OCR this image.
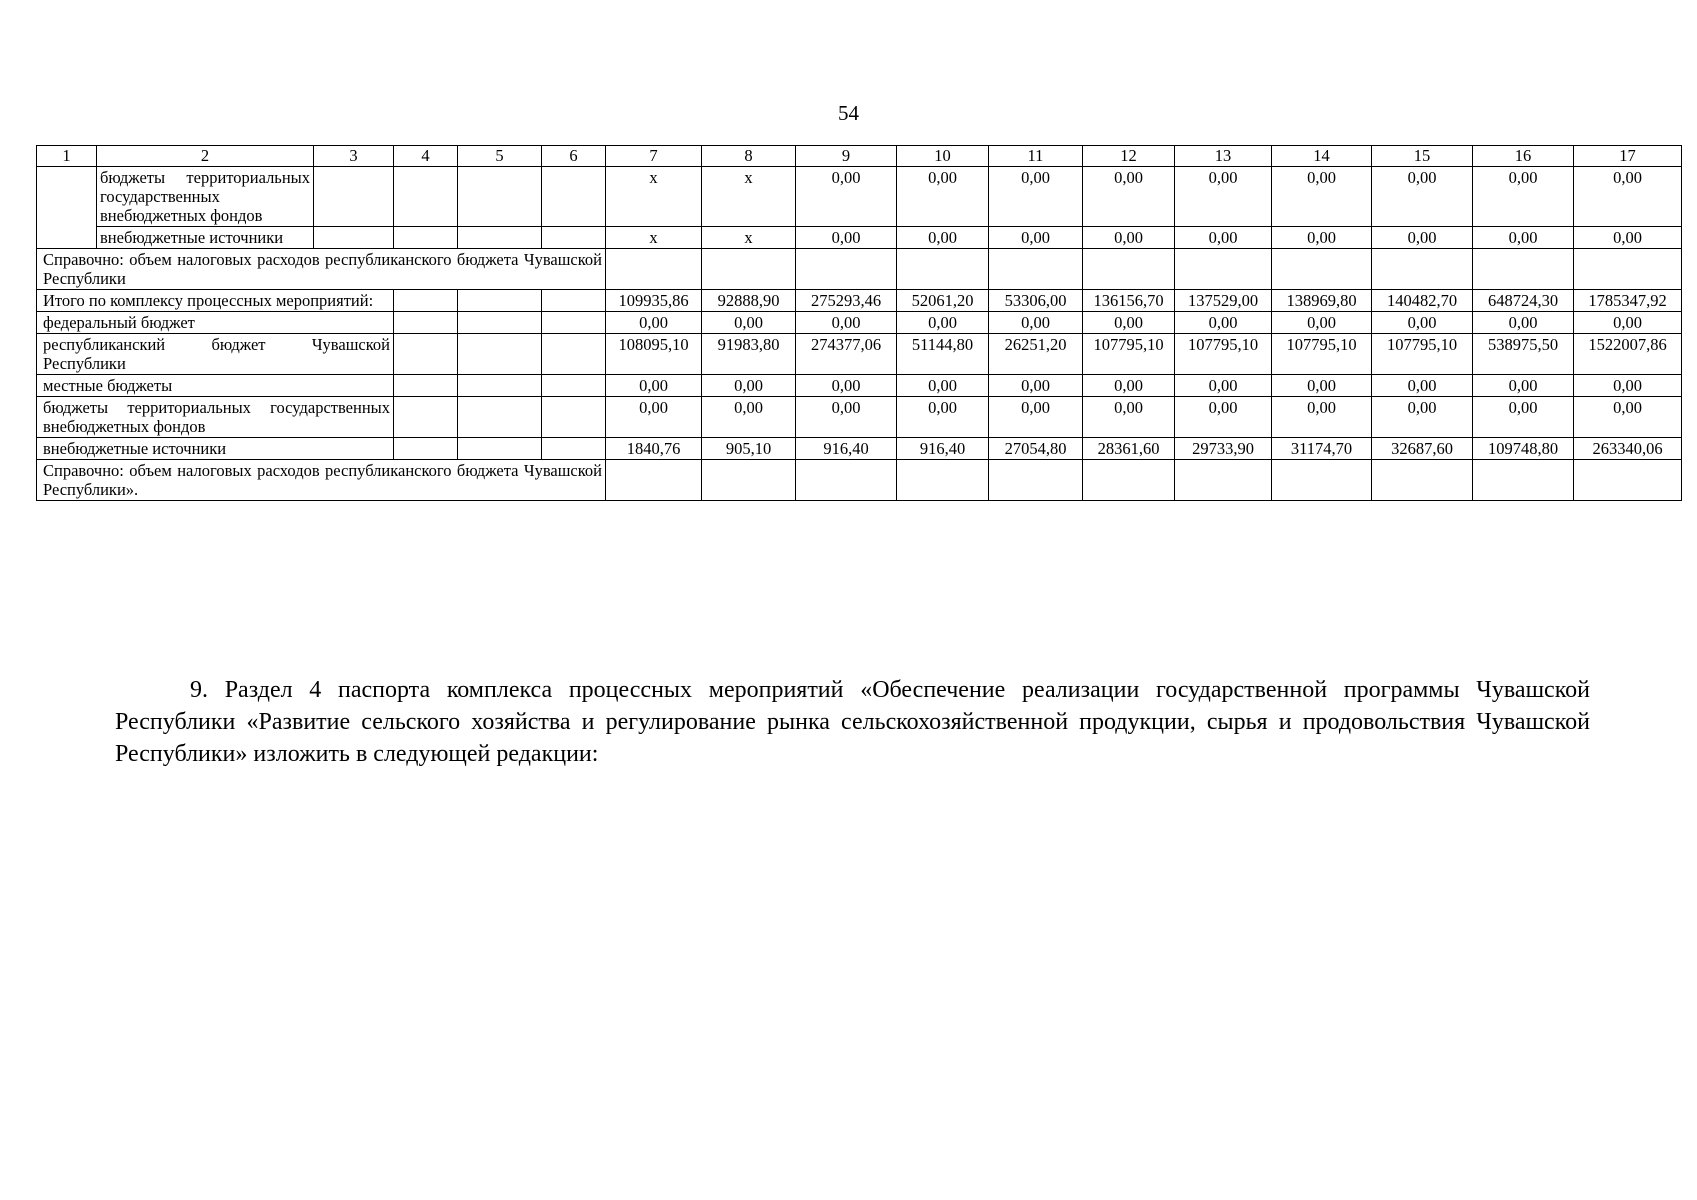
54
1	2	3	4	5	6	7	8	9	10	11	12	13	14	15	16	17
	бюджеты территориальных государственных внебюджетных фондов					х	х	0,00	0,00	0,00	0,00	0,00	0,00	0,00	0,00	0,00
	внебюджетные источники					х	х	0,00	0,00	0,00	0,00	0,00	0,00	0,00	0,00	0,00
Справочно: объем налоговых расходов республиканского бюджета Чувашской Республики																
Итого по комплексу процессных мероприятий:						109935,86	92888,90	275293,46	52061,20	53306,00	136156,70	137529,00	138969,80	140482,70	648724,30	1785347,92
федеральный бюджет						0,00	0,00	0,00	0,00	0,00	0,00	0,00	0,00	0,00	0,00	0,00
республиканский бюджет Чувашской Республики						108095,10	91983,80	274377,06	51144,80	26251,20	107795,10	107795,10	107795,10	107795,10	538975,50	1522007,86
местные бюджеты						0,00	0,00	0,00	0,00	0,00	0,00	0,00	0,00	0,00	0,00	0,00
бюджеты территориальных государственных внебюджетных фондов						0,00	0,00	0,00	0,00	0,00	0,00	0,00	0,00	0,00	0,00	0,00
внебюджетные источники						1840,76	905,10	916,40	916,40	27054,80	28361,60	29733,90	31174,70	32687,60	109748,80	263340,06
Справочно: объем налоговых расходов республиканского бюджета Чувашской Республики».																

9. Раздел 4 паспорта комплекса процессных мероприятий «Обеспечение реализации государственной программы Чувашской Республики «Развитие сельского хозяйства и регулирование рынка сельскохозяйственной продукции, сырья и продовольствия Чувашской Республики» изложить в следующей редакции:
